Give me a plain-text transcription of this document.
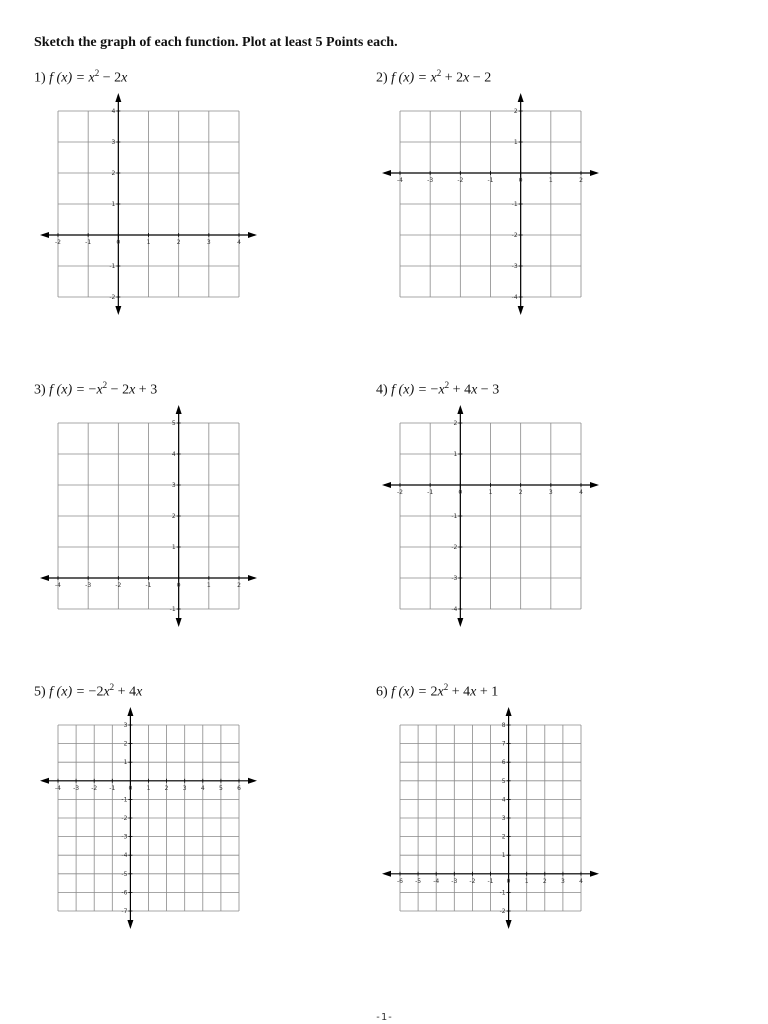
Sketch the graph of each function. Plot at least 5 Points each.
1) f $(x) = x^2 - 2x$
-2	-1	0	1	2	3	4
-2
-1
1
2
3
4
2) f $(x) = x^2 + 2x - 2$
-4	-3	-2	-1	0	1	2
-4
-3
-2
-1
1
2
3) f $(x) = -x^2 - 2x + 3$
-4	-3	-2	-1	0	1	2
-1
1
2
3
4
5
4) f $(x) = -x^2 + 4x - 3$
-2	-1	0	1	2	3	4
-4
-3
-2
-1
1
2
5) f $(x) = -2x^2 + 4x$
-4 -3 -2 -1 0 1 2 3 4 5 6
-7
-6
-5
-4
-3
-2
-1
1
2
3
6) f $(x) = 2x^2 + 4x + 1$
-6 -5 -4 -3 -2 -1 0 1 2 3 4
-2
-1
1
2
3
4
5
6
7
8
-1-
